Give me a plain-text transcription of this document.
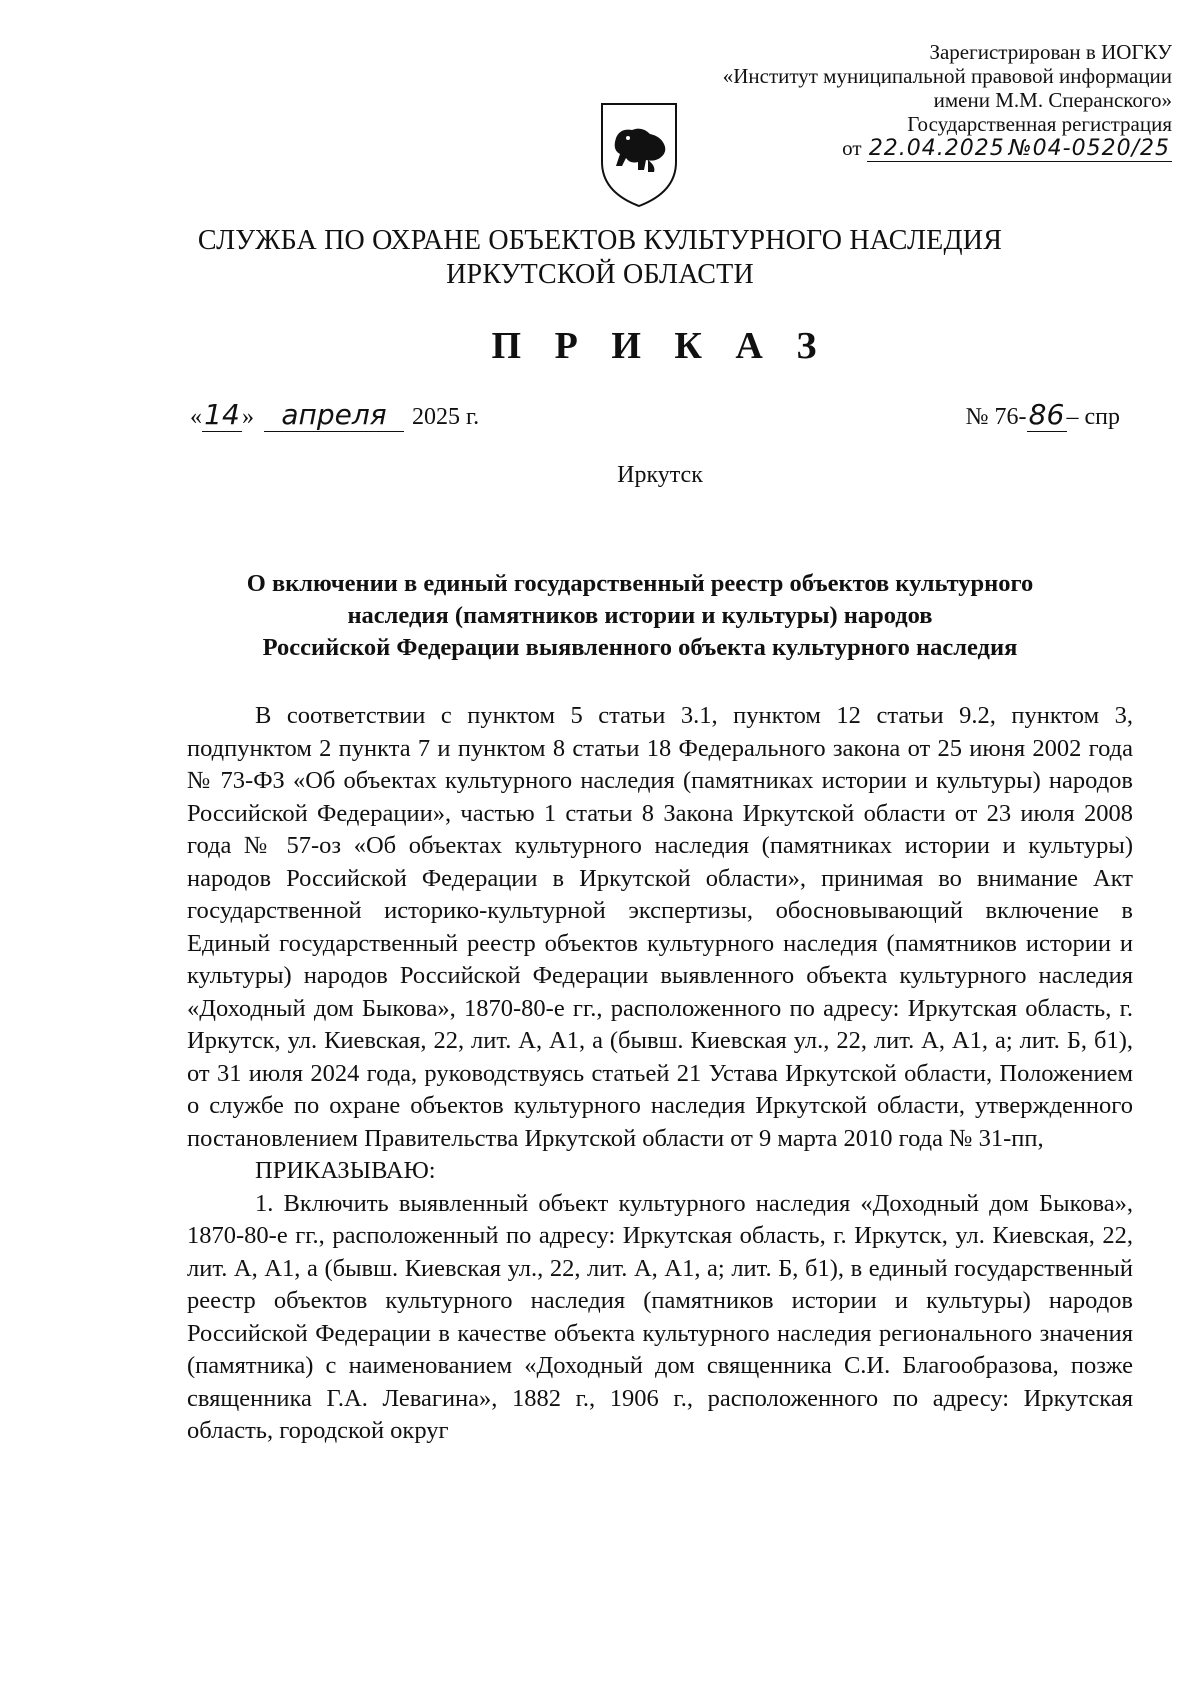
Зарегистрирован в ИОГКУ
«Институт муниципальной правовой информации
имени М.М. Сперанского»
Государственная регистрация
от 22.04.2025 №04-0520/25
СЛУЖБА ПО ОХРАНЕ ОБЪЕКТОВ КУЛЬТУРНОГО НАСЛЕДИЯ
ИРКУТСКОЙ ОБЛАСТИ
П Р И К А З
« 14 » апреля	2025 г.	№ 76- 86 – спр
Иркутск
О включении в единый государственный реестр объектов культурного
наследия (памятников истории и культуры) народов
Российской Федерации выявленного объекта культурного наследия

В соответствии с пунктом 5 статьи 3.1, пунктом 12 статьи 9.2, пунктом 3, подпунктом 2 пункта 7 и пунктом 8 статьи 18 Федерального закона от 25 июня 2002 года № 73-ФЗ «Об объектах культурного наследия (памятниках истории и культуры) народов Российской Федерации», частью 1 статьи 8 Закона Иркутской области от 23 июля 2008 года № 57-оз «Об объектах культурного наследия (памятниках истории и культуры) народов Российской Федерации в Иркутской области», принимая во внимание Акт государственной историко-культурной экспертизы, обосновывающий включение в Единый государственный реестр объектов культурного наследия (памятников истории и культуры) народов Российской Федерации выявленного объекта культурного наследия «Доходный дом Быкова», 1870-80-е гг., расположенного по адресу: Иркутская область, г. Иркутск, ул. Киевская, 22, лит. А, А1, а (бывш. Киевская ул., 22, лит. А, А1, а; лит. Б, б1), от 31 июля 2024 года, руководствуясь статьей 21 Устава Иркутской области, Положением о службе по охране объектов культурного наследия Иркутской области, утвержденного постановлением Правительства Иркутской области от 9 марта 2010 года № 31-пп,

ПРИКАЗЫВАЮ:

1. Включить выявленный объект культурного наследия «Доходный дом Быкова», 1870-80-е гг., расположенный по адресу: Иркутская область, г. Иркутск, ул. Киевская, 22, лит. А, А1, а (бывш. Киевская ул., 22, лит. А, А1, а; лит. Б, б1), в единый государственный реестр объектов культурного наследия (памятников истории и культуры) народов Российской Федерации в качестве объекта культурного наследия регионального значения (памятника) с наименованием «Доходный дом священника С.И. Благообразова, позже священника Г.А. Левагина», 1882 г., 1906 г., расположенного по адресу: Иркутская область, городской округ
